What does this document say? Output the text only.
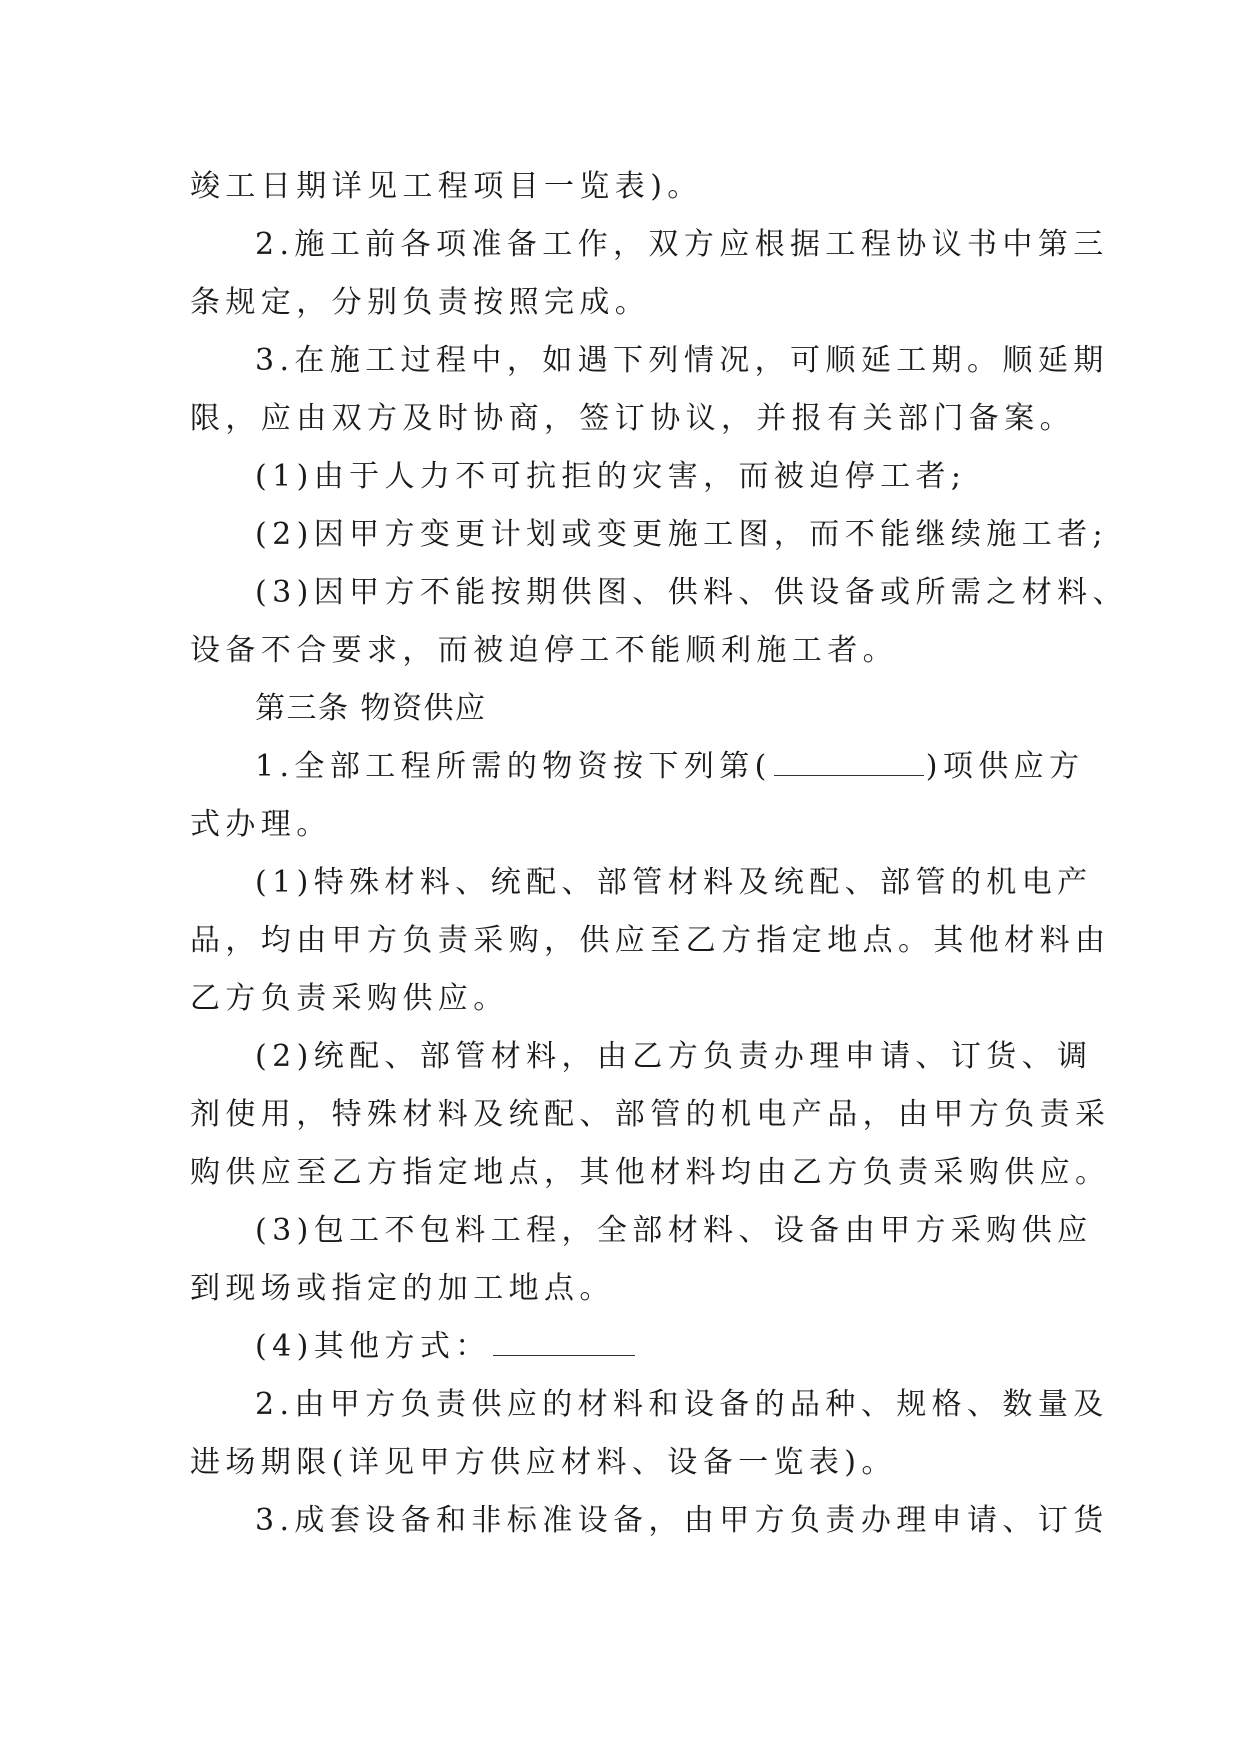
竣工日期详见工程项目一览表)。
2.施工前各项准备工作，双方应根据工程协议书中第三
条规定，分别负责按照完成。
3.在施工过程中，如遇下列情况，可顺延工期。顺延期
限，应由双方及时协商，签订协议，并报有关部门备案。
(1)由于人力不可抗拒的灾害，而被迫停工者;
(2)因甲方变更计划或变更施工图，而不能继续施工者;
(3)因甲方不能按期供图、供料、供设备或所需之材料、
设备不合要求，而被迫停工不能顺利施工者。
第三条 物资供应
1.全部工程所需的物资按下列第(	)项供应方
式办理。
(1)特殊材料、统配、部管材料及统配、部管的机电产
品，均由甲方负责采购，供应至乙方指定地点。其他材料由
乙方负责采购供应。
(2)统配、部管材料，由乙方负责办理申请、订货、调
剂使用，特殊材料及统配、部管的机电产品，由甲方负责采
购供应至乙方指定地点，其他材料均由乙方负责采购供应。
(3)包工不包料工程，全部材料、设备由甲方采购供应
到现场或指定的加工地点。
(4)其他方式：
2.由甲方负责供应的材料和设备的品种、规格、数量及
进场期限(详见甲方供应材料、设备一览表)。
3.成套设备和非标准设备，由甲方负责办理申请、订货
